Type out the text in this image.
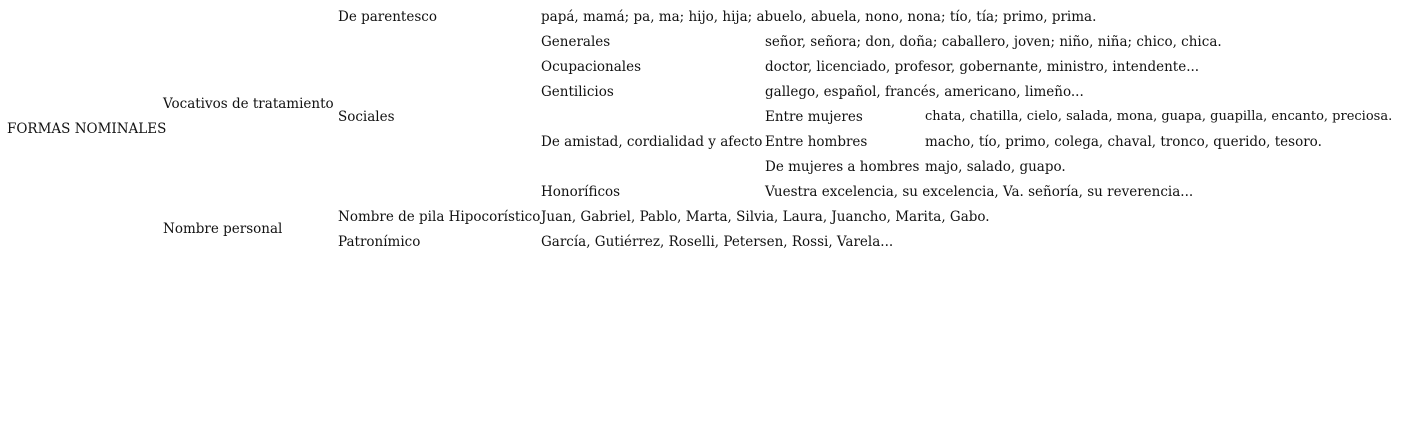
FORMAS NOMINALES
Vocativos de tratamiento
Nombre personal
De parentesco
Sociales
Nombre de pila Hipocorístico
Patronímico
papá, mamá; pa, ma; hijo, hija; abuelo, abuela, nono, nona; tío, tía; primo, prima.
Generales
Ocupacionales
Gentilicios
De amistad, cordialidad y afecto
Honoríficos
Juan, Gabriel, Pablo, Marta, Silvia, Laura, Juancho, Marita, Gabo.
García, Gutiérrez, Roselli, Petersen, Rossi, Varela...
señor, señora; don, doña; caballero, joven; niño, niña; chico, chica.
doctor, licenciado, profesor, gobernante, ministro, intendente...
gallego, español, francés, americano, limeño...
Entre mujeres
Entre hombres
De mujeres a hombres
Vuestra excelencia, su excelencia, Va. señoría, su reverencia...
chata, chatilla, cielo, salada, mona, guapa, guapilla, encanto, preciosa.
macho, tío, primo, colega, chaval, tronco, querido, tesoro.
majo, salado, guapo.
